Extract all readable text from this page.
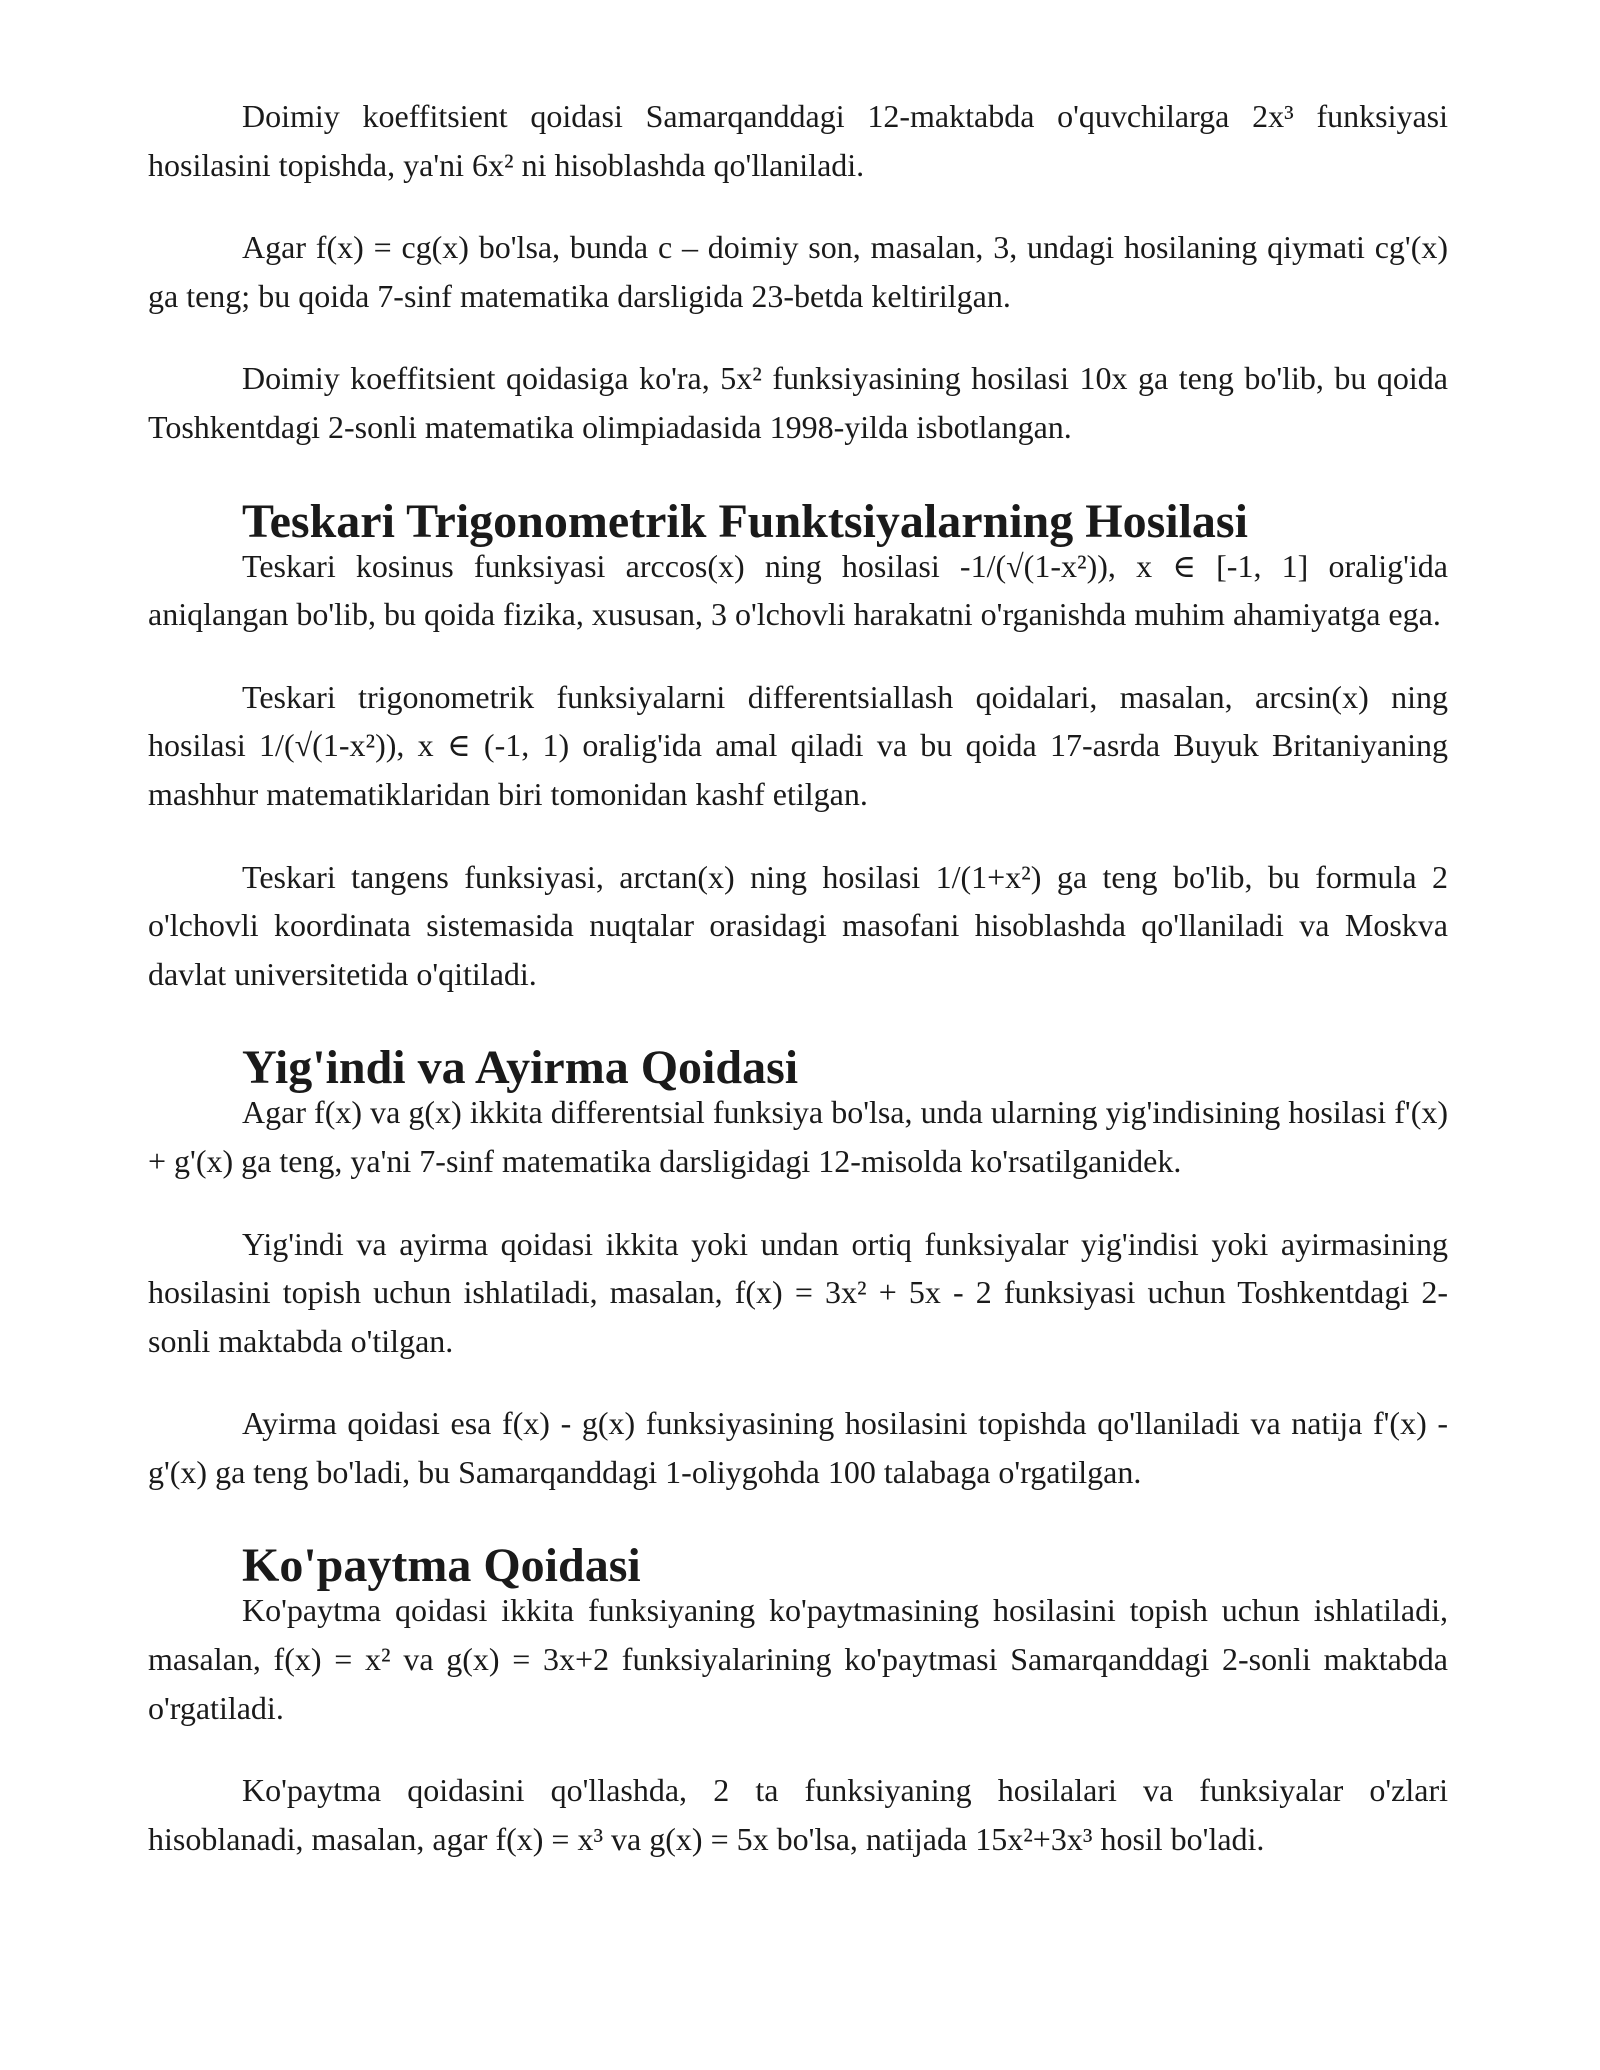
Doimiy koeffitsient qoidasi Samarqanddagi 12-maktabda o'quvchilarga 2x³ funksiyasi hosilasini topishda, ya'ni 6x² ni hisoblashda qo'llaniladi.

Agar f(x) = cg(x) bo'lsa, bunda c – doimiy son, masalan, 3, undagi hosilaning qiymati cg'(x) ga teng; bu qoida 7-sinf matematika darsligida 23-betda keltirilgan.

Doimiy koeffitsient qoidasiga ko'ra, 5x² funksiyasining hosilasi 10x ga teng bo'lib, bu qoida Toshkentdagi 2-sonli matematika olimpiadasida 1998-yilda isbotlangan.

Teskari Trigonometrik Funktsiyalarning Hosilasi

Teskari kosinus funksiyasi arccos(x) ning hosilasi -1/(√(1-x²)), x ∈ [-1, 1] oralig'ida aniqlangan bo'lib, bu qoida fizika, xususan, 3 o'lchovli harakatni o'rganishda muhim ahamiyatga ega.

Teskari trigonometrik funksiyalarni differentsiallash qoidalari, masalan, arcsin(x) ning hosilasi 1/(√(1-x²)), x ∈ (-1, 1) oralig'ida amal qiladi va bu qoida 17-asrda Buyuk Britaniyaning mashhur matematiklaridan biri tomonidan kashf etilgan.

Teskari tangens funksiyasi, arctan(x) ning hosilasi 1/(1+x²) ga teng bo'lib, bu formula 2 o'lchovli koordinata sistemasida nuqtalar orasidagi masofani hisoblashda qo'llaniladi va Moskva davlat universitetida o'qitiladi.

Yig'indi va Ayirma Qoidasi

Agar f(x) va g(x) ikkita differentsial funksiya bo'lsa, unda ularning yig'indisining hosilasi f'(x) + g'(x) ga teng, ya'ni 7-sinf matematika darsligidagi 12-misolda ko'rsatilganidek.

Yig'indi va ayirma qoidasi ikkita yoki undan ortiq funksiyalar yig'indisi yoki ayirmasining hosilasini topish uchun ishlatiladi, masalan, f(x) = 3x² + 5x - 2 funksiyasi uchun Toshkentdagi 2-sonli maktabda o'tilgan.

Ayirma qoidasi esa f(x) - g(x) funksiyasining hosilasini topishda qo'llaniladi va natija f'(x) - g'(x) ga teng bo'ladi, bu Samarqanddagi 1-oliygohda 100 talabaga o'rgatilgan.

Ko'paytma Qoidasi

Ko'paytma qoidasi ikkita funksiyaning ko'paytmasining hosilasini topish uchun ishlatiladi, masalan, f(x) = x² va g(x) = 3x+2 funksiyalarining ko'paytmasi Samarqanddagi 2-sonli maktabda o'rgatiladi.

Ko'paytma qoidasini qo'llashda, 2 ta funksiyaning hosilalari va funksiyalar o'zlari hisoblanadi, masalan, agar f(x) = x³ va g(x) = 5x bo'lsa, natijada 15x²+3x³ hosil bo'ladi.
